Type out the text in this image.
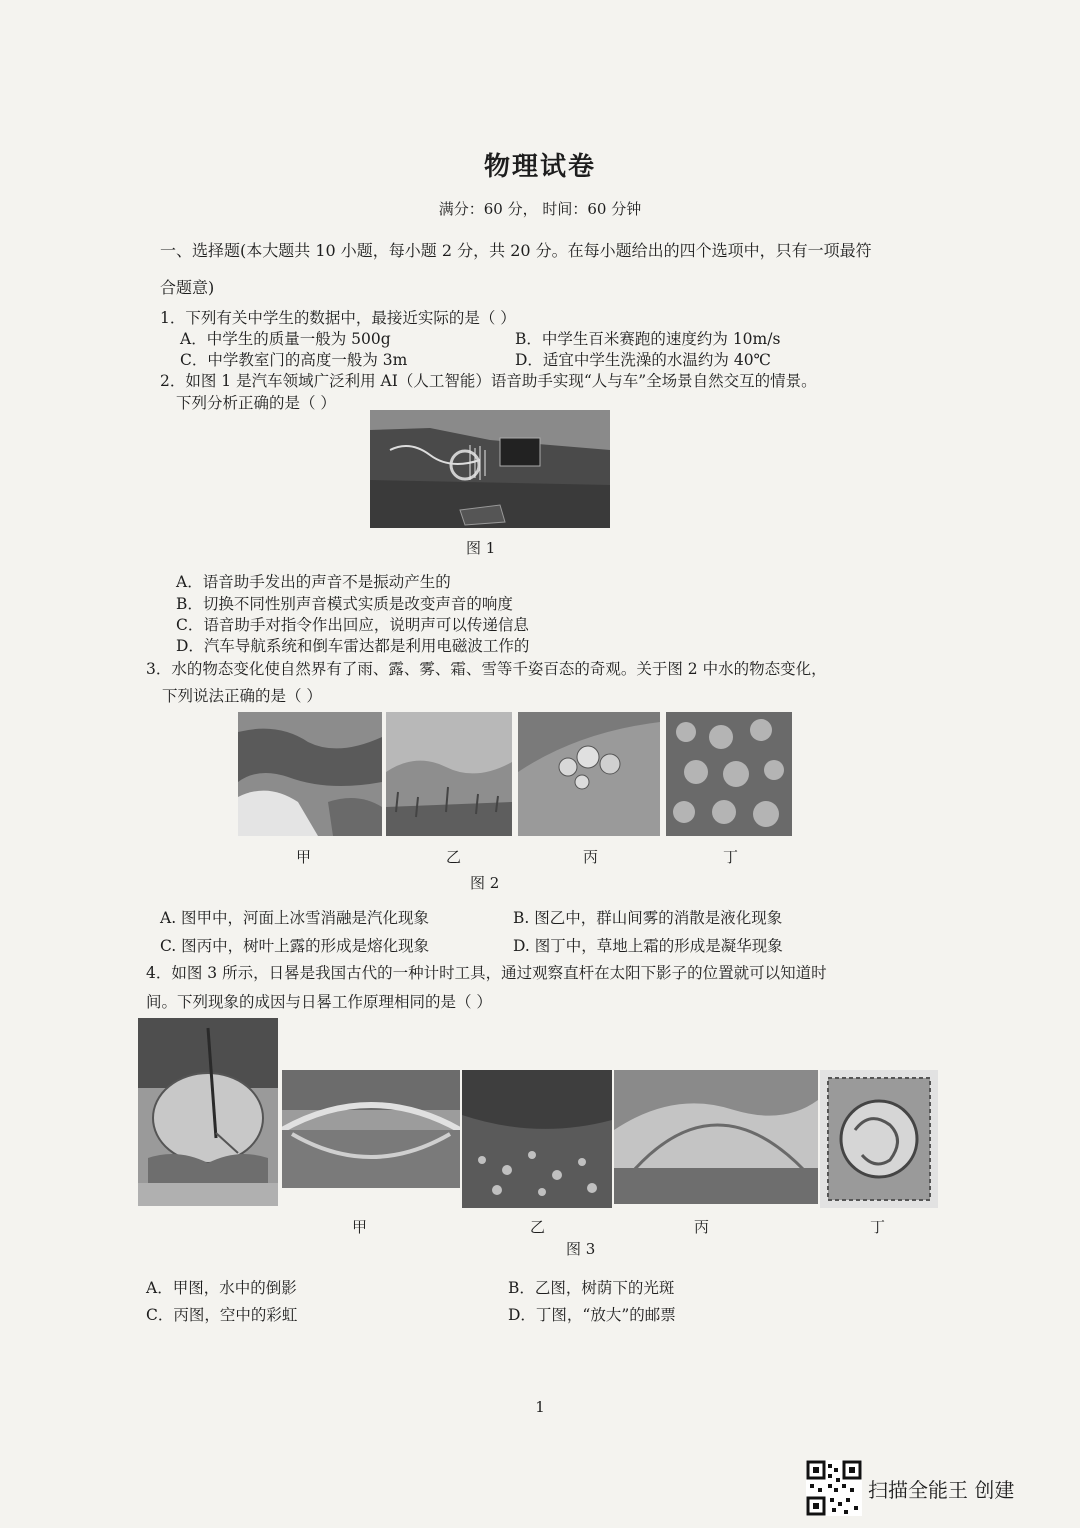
物理试卷
满分：60 分， 时间：60 分钟
一、选择题(本大题共 10 小题，每小题 2 分，共 20 分。在每小题给出的四个选项中，只有一项最符
合题意)
1．下列有关中学生的数据中，最接近实际的是（ ）
A．中学生的质量一般为 500g	B．中学生百米赛跑的速度约为 10m/s
C．中学教室门的高度一般为 3m	D．适宜中学生洗澡的水温约为 40℃
2．如图 1 是汽车领域广泛利用 AI（人工智能）语音助手实现“人与车”全场景自然交互的情景。
下列分析正确的是（ ）
图 1
A．语音助手发出的声音不是振动产生的
B．切换不同性别声音模式实质是改变声音的响度
C．语音助手对指令作出回应，说明声可以传递信息
D．汽车导航系统和倒车雷达都是利用电磁波工作的
3．水的物态变化使自然界有了雨、露、雾、霜、雪等千姿百态的奇观。关于图 2 中水的物态变化，
下列说法正确的是（ ）
甲	乙	丙	丁
图 2
A. 图甲中，河面上冰雪消融是汽化现象	B. 图乙中，群山间雾的消散是液化现象
C. 图丙中，树叶上露的形成是熔化现象	D. 图丁中，草地上霜的形成是凝华现象
4．如图 3 所示，日晷是我国古代的一种计时工具，通过观察直杆在太阳下影子的位置就可以知道时
间。下列现象的成因与日晷工作原理相同的是（ ）
甲	乙	丙	丁
图 3
A．甲图，水中的倒影	B．乙图，树荫下的光斑
C．丙图，空中的彩虹	D．丁图，“放大”的邮票
1
扫描全能王 创建
